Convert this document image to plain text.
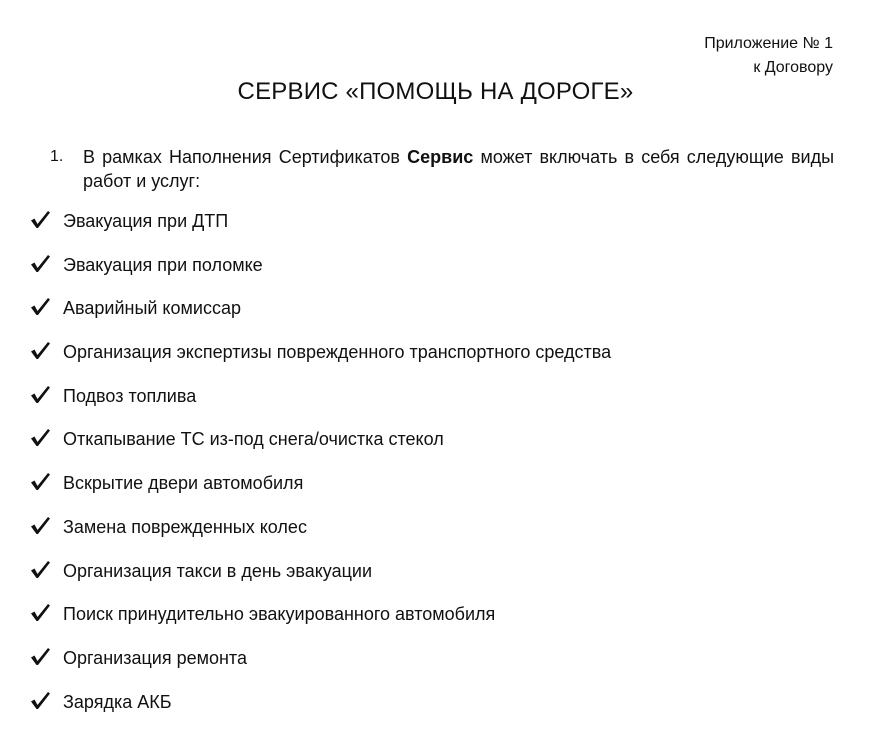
Приложение № 1
к Договору
СЕРВИС «ПОМОЩЬ НА ДОРОГЕ»
1. В рамках Наполнения Сертификатов Сервис может включать в себя следующие виды работ и услуг:
Эвакуация при ДТП
Эвакуация при поломке
Аварийный комиссар
Организация экспертизы поврежденного транспортного средства
Подвоз топлива
Откапывание ТС из-под снега/очистка стекол
Вскрытие двери автомобиля
Замена поврежденных колес
Организация такси в день эвакуации
Поиск принудительно эвакуированного автомобиля
Организация ремонта
Зарядка АКБ
